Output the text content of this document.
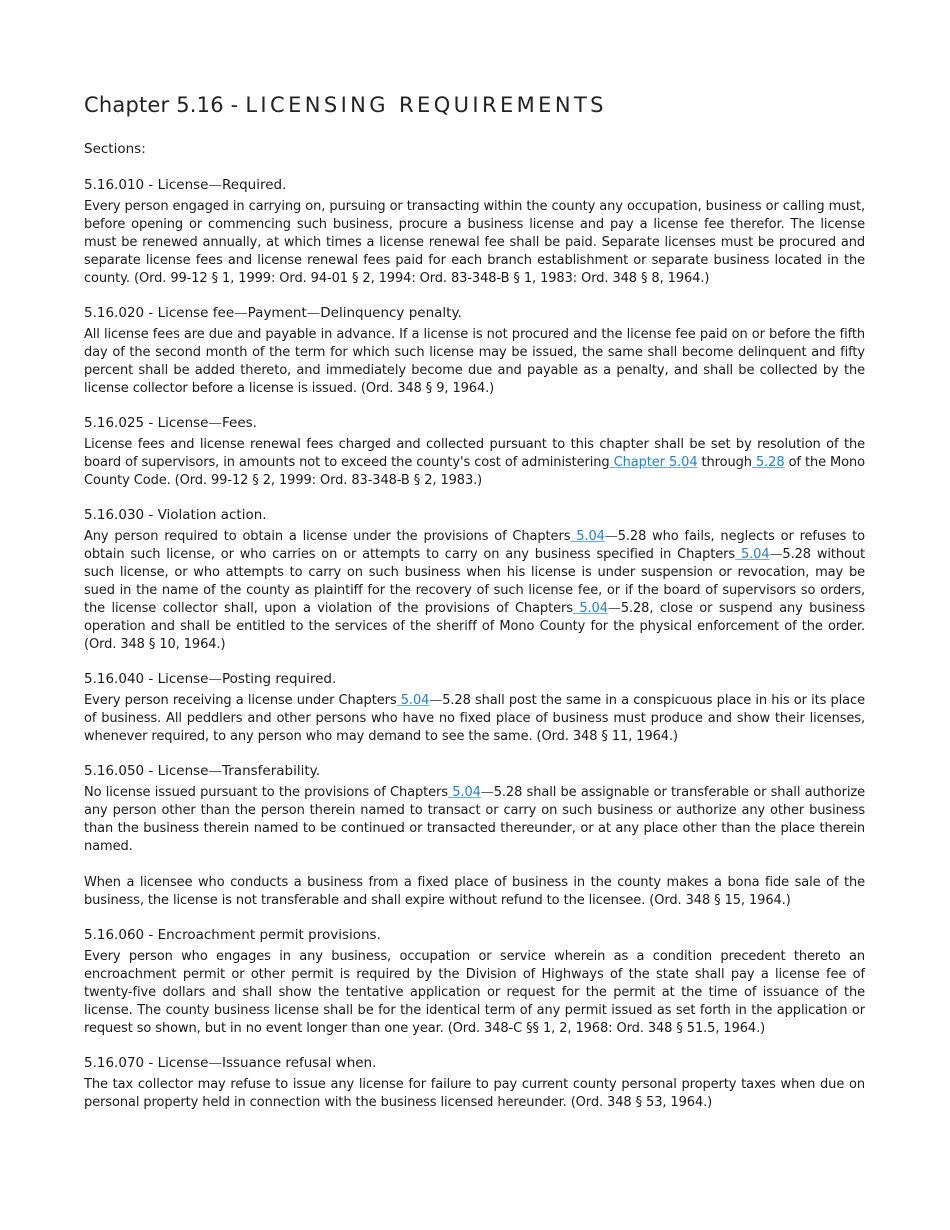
Chapter 5.16 - LICENSING REQUIREMENTS
Sections:
5.16.010 - License—Required.

Every person engaged in carrying on, pursuing or transacting within the county any occupation, business or calling must, before opening or commencing such business, procure a business license and pay a license fee therefor. The license must be renewed annually, at which times a license renewal fee shall be paid. Separate licenses must be procured and separate license fees and license renewal fees paid for each branch establishment or separate business located in the county. (Ord. 99-12 § 1, 1999: Ord. 94-01 § 2, 1994: Ord. 83-348-B § 1, 1983: Ord. 348 § 8, 1964.)

5.16.020 - License fee—Payment—Delinquency penalty.

All license fees are due and payable in advance. If a license is not procured and the license fee paid on or before the fifth day of the second month of the term for which such license may be issued, the same shall become delinquent and fifty percent shall be added thereto, and immediately become due and payable as a penalty, and shall be collected by the license collector before a license is issued. (Ord. 348 § 9, 1964.)

5.16.025 - License—Fees.

License fees and license renewal fees charged and collected pursuant to this chapter shall be set by resolution of the board of supervisors, in amounts not to exceed the county's cost of administering Chapter 5.04 through 5.28 of the Mono County Code. (Ord. 99-12 § 2, 1999: Ord. 83-348-B § 2, 1983.)

5.16.030 - Violation action.

Any person required to obtain a license under the provisions of Chapters 5.04—5.28 who fails, neglects or refuses to obtain such license, or who carries on or attempts to carry on any business specified in Chapters 5.04—5.28 without such license, or who attempts to carry on such business when his license is under suspension or revocation, may be sued in the name of the county as plaintiff for the recovery of such license fee, or if the board of supervisors so orders, the license collector shall, upon a violation of the provisions of Chapters 5.04—5.28, close or suspend any business operation and shall be entitled to the services of the sheriff of Mono County for the physical enforcement of the order. (Ord. 348 § 10, 1964.)

5.16.040 - License—Posting required.

Every person receiving a license under Chapters 5.04—5.28 shall post the same in a conspicuous place in his or its place of business. All peddlers and other persons who have no fixed place of business must produce and show their licenses, whenever required, to any person who may demand to see the same. (Ord. 348 § 11, 1964.)

5.16.050 - License—Transferability.

No license issued pursuant to the provisions of Chapters 5.04—5.28 shall be assignable or transferable or shall authorize any person other than the person therein named to transact or carry on such business or authorize any other business than the business therein named to be continued or transacted thereunder, or at any place other than the place therein named.

When a licensee who conducts a business from a fixed place of business in the county makes a bona fide sale of the business, the license is not transferable and shall expire without refund to the licensee. (Ord. 348 § 15, 1964.)

5.16.060 - Encroachment permit provisions.

Every person who engages in any business, occupation or service wherein as a condition precedent thereto an encroachment permit or other permit is required by the Division of Highways of the state shall pay a license fee of twenty-five dollars and shall show the tentative application or request for the permit at the time of issuance of the license. The county business license shall be for the identical term of any permit issued as set forth in the application or request so shown, but in no event longer than one year. (Ord. 348-C §§ 1, 2, 1968: Ord. 348 § 51.5, 1964.)

5.16.070 - License—Issuance refusal when.

The tax collector may refuse to issue any license for failure to pay current county personal property taxes when due on personal property held in connection with the business licensed hereunder. (Ord. 348 § 53, 1964.)
